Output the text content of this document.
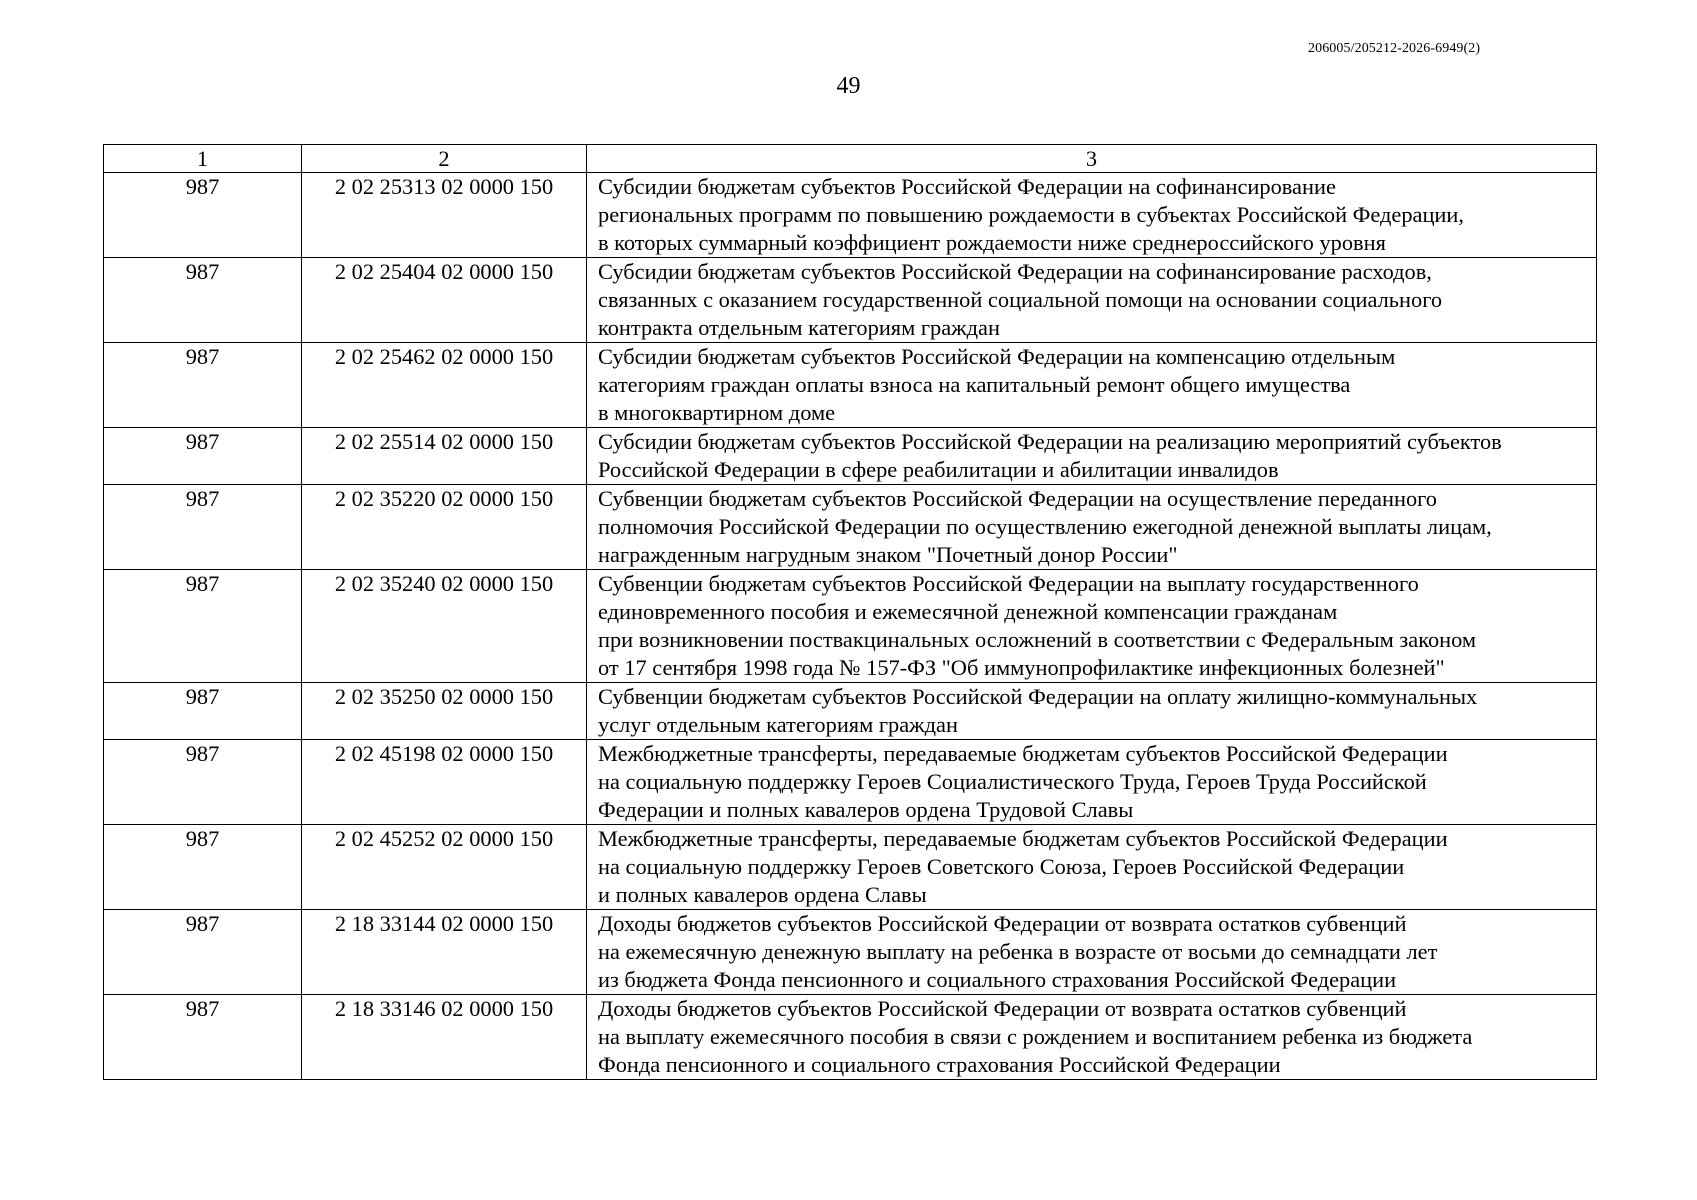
206005/205212-2026-6949(2)
49
1	2	3
987	2 02 25313 02 0000 150	Субсидии бюджетам субъектов Российской Федерации на софинансирование
региональных программ по повышению рождаемости в субъектах Российской Федерации,
в которых суммарный коэффициент рождаемости ниже среднероссийского уровня

987	2 02 25404 02 0000 150	Субсидии бюджетам субъектов Российской Федерации на софинансирование расходов,
связанных с оказанием государственной социальной помощи на основании социального
контракта отдельным категориям граждан

987	2 02 25462 02 0000 150	Субсидии бюджетам субъектов Российской Федерации на компенсацию отдельным
категориям граждан оплаты взноса на капитальный ремонт общего имущества
в многоквартирном доме

987	2 02 25514 02 0000 150	Субсидии бюджетам субъектов Российской Федерации на реализацию мероприятий субъектов
Российской Федерации в сфере реабилитации и абилитации инвалидов

987	2 02 35220 02 0000 150	Субвенции бюджетам субъектов Российской Федерации на осуществление переданного
полномочия Российской Федерации по осуществлению ежегодной денежной выплаты лицам,
награжденным нагрудным знаком "Почетный донор России"

987	2 02 35240 02 0000 150	Субвенции бюджетам субъектов Российской Федерации на выплату государственного
единовременного пособия и ежемесячной денежной компенсации гражданам
при возникновении поствакцинальных осложнений в соответствии с Федеральным законом
от 17 сентября 1998 года № 157-ФЗ "Об иммунопрофилактике инфекционных болезней"

987	2 02 35250 02 0000 150	Субвенции бюджетам субъектов Российской Федерации на оплату жилищно-коммунальных
услуг отдельным категориям граждан

987	2 02 45198 02 0000 150	Межбюджетные трансферты, передаваемые бюджетам субъектов Российской Федерации
на социальную поддержку Героев Социалистического Труда, Героев Труда Российской
Федерации и полных кавалеров ордена Трудовой Славы

987	2 02 45252 02 0000 150	Межбюджетные трансферты, передаваемые бюджетам субъектов Российской Федерации
на социальную поддержку Героев Советского Союза, Героев Российской Федерации
и полных кавалеров ордена Славы

987	2 18 33144 02 0000 150	Доходы бюджетов субъектов Российской Федерации от возврата остатков субвенций
на ежемесячную денежную выплату на ребенка в возрасте от восьми до семнадцати лет
из бюджета Фонда пенсионного и социального страхования Российской Федерации

987	2 18 33146 02 0000 150	Доходы бюджетов субъектов Российской Федерации от возврата остатков субвенций
на выплату ежемесячного пособия в связи с рождением и воспитанием ребенка из бюджета
Фонда пенсионного и социального страхования Российской Федерации
